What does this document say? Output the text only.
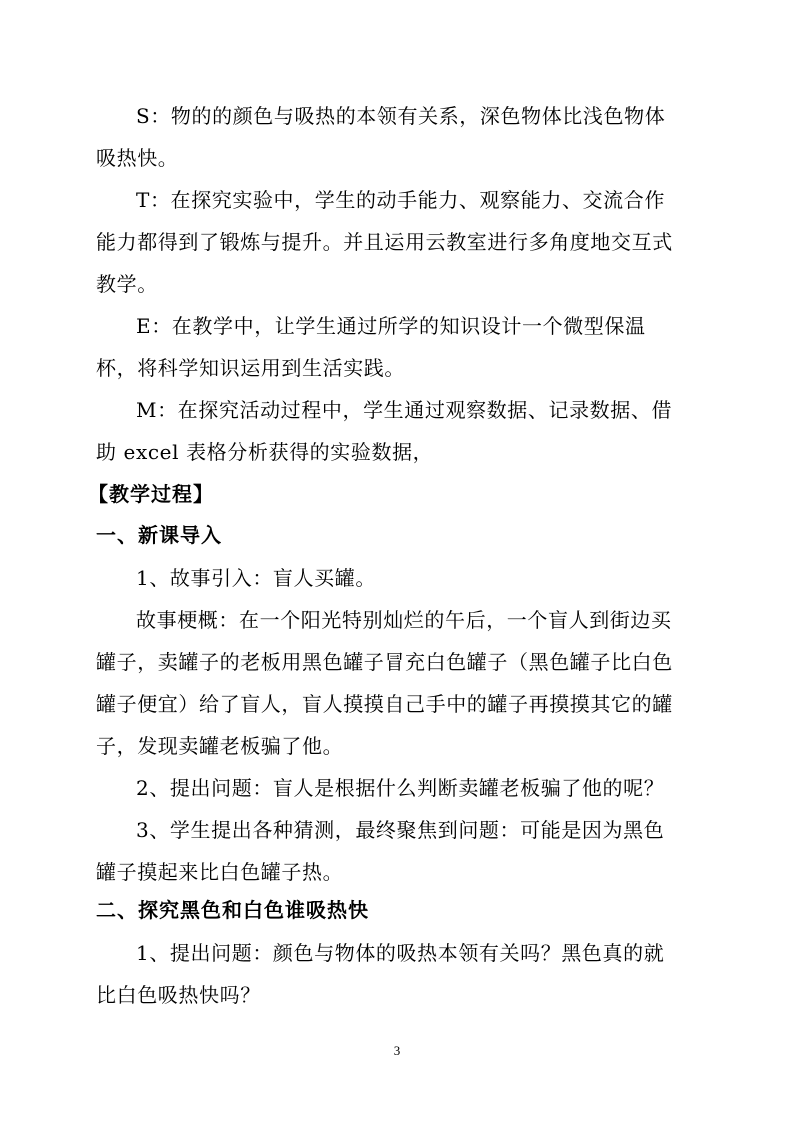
S：物的的颜色与吸热的本领有关系，深色物体比浅色物体
吸热快。
T：在探究实验中，学生的动手能力、观察能力、交流合作
能力都得到了锻炼与提升。并且运用云教室进行多角度地交互式
教学。
E：在教学中，让学生通过所学的知识设计一个微型保温
杯，将科学知识运用到生活实践。
M：在探究活动过程中，学生通过观察数据、记录数据、借
助 excel 表格分析获得的实验数据，
【教学过程】
一、新课导入
1、故事引入：盲人买罐。
故事梗概：在一个阳光特别灿烂的午后，一个盲人到街边买
罐子，卖罐子的老板用黑色罐子冒充白色罐子（黑色罐子比白色
罐子便宜）给了盲人，盲人摸摸自己手中的罐子再摸摸其它的罐
子，发现卖罐老板骗了他。
2、提出问题：盲人是根据什么判断卖罐老板骗了他的呢？
3、学生提出各种猜测，最终聚焦到问题：可能是因为黑色
罐子摸起来比白色罐子热。
二、探究黑色和白色谁吸热快
1、提出问题：颜色与物体的吸热本领有关吗？黑色真的就
比白色吸热快吗？
3
